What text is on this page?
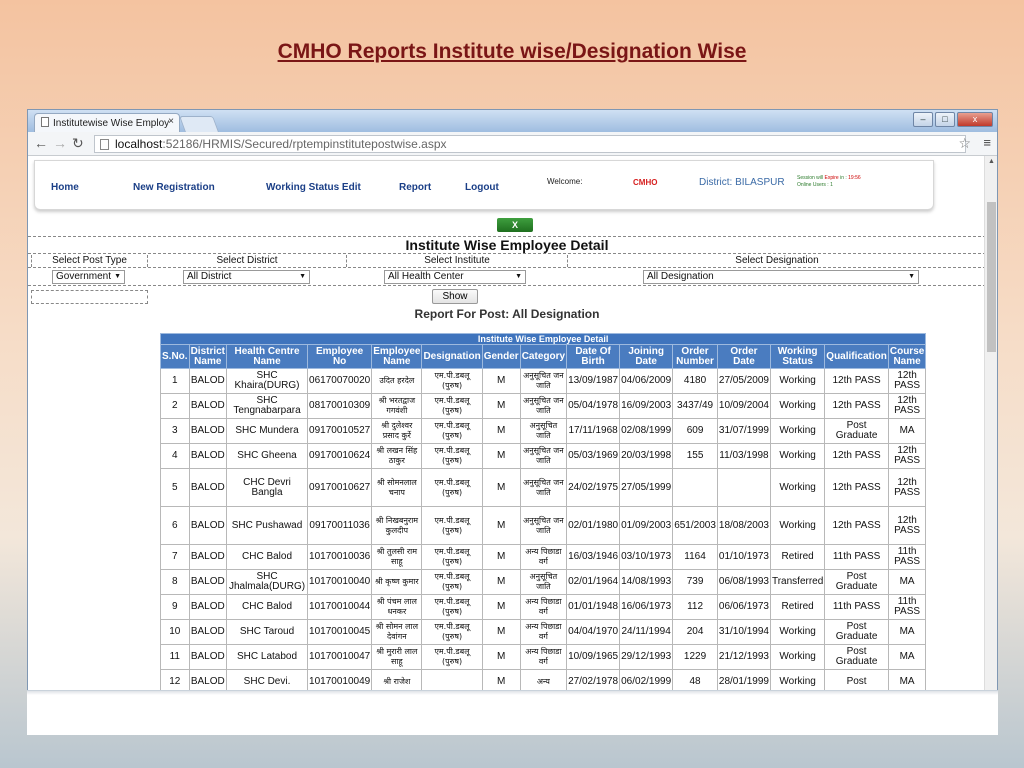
CMHO Reports Institute wise/Designation Wise
Institutewise Wise Employ ×	–	□	x
← → ↻	localhost:52186/HRMIS/Secured/rptempinstitutepostwise.aspx	☆ ≡
Home	New Registration	Working Status Edit	Report	Logout
Welcome:	CMHO	District: BILASPUR Session will Expire in : 19:56
Online Users : 1
X
Institute Wise Employee Detail
Select Post Type	Select District	Select Institute	Select Designation
Government ▼	All District	▼	All Health Center	▼	All Designation	▼
Show
Report For Post: All Designation
Institute Wise Employee Detail														
S.No.	District Name	Health Centre Name	Employee No	Employee Name	Designation	Gender	Category	Date Of Birth	Joining Date	Order Number	Order Date	Working Status	Qualification	Course Name
1	BALOD	SHC Khaira(DURG)	06170070020	उदित हरदेल	एम.पी.डबलू (पुरुष)	M	अनुसूचित जन जाति	13/09/1987	04/06/2009	4180	27/05/2009	Working	12th PASS	12th PASS
2	BALOD	SHC Tengnabarpara	08170010309	श्री भरतद्वाज गगवंशी	एम.पी.डबलू (पुरुष)	M	अनुसूचित जन जाति	05/04/1978	16/09/2003	3437/49	10/09/2004	Working	12th PASS	12th PASS
3	BALOD	SHC Mundera	09170010527	श्री दुलेश्वर प्रसाद कुर्रे	एम.पी.डबलू (पुरुष)	M	अनुसूचित जाति	17/11/1968	02/08/1999	609	31/07/1999	Working	Post Graduate	MA
4	BALOD	SHC Gheena	09170010624	श्री लखन सिंह ठाकुर	एम.पी.डबलू (पुरुष)	M	अनुसूचित जन जाति	05/03/1969	20/03/1998	155	11/03/1998	Working	12th PASS	12th PASS
5	BALOD	CHC Devri Bangla	09170010627	श्री सोमनलाल चनाप	एम.पी.डबलू (पुरुष)	M	अनुसूचित जन जाति	24/02/1975	27/05/1999			Working	12th PASS	12th PASS
6	BALOD	SHC Pushawad	09170011036	श्री निखबनुराम कुलदीप	एम.पी.डबलू (पुरुष)	M	अनुसूचित जन जाति	02/01/1980	01/09/2003	651/2003	18/08/2003	Working	12th PASS	12th PASS
7	BALOD	CHC Balod	10170010036	श्री तुलसी राम साहू	एम.पी.डबलू (पुरुष)	M	अन्य पिछाडा वर्ग	16/03/1946	03/10/1973	1164	01/10/1973	Retired	11th PASS	11th PASS
8	BALOD	SHC Jhalmala(DURG)	10170010040	श्री कृष्ण कुमार	एम.पी.डबलू (पुरुष)	M	अनुसूचित जाति	02/01/1964	14/08/1993	739	06/08/1993	Transferred	Post Graduate	MA
9	BALOD	CHC Balod	10170010044	श्री पंचम लाल धनकर	एम.पी.डबलू (पुरुष)	M	अन्य पिछाडा वर्ग	01/01/1948	16/06/1973	112	06/06/1973	Retired	11th PASS	11th PASS
10	BALOD	SHC Taroud	10170010045	श्री सोमन लाल देवांगन	एम.पी.डबलू (पुरुष)	M	अन्य पिछाडा वर्ग	04/04/1970	24/11/1994	204	31/10/1994	Working	Post Graduate	MA
11	BALOD	SHC Latabod	10170010047	श्री मुरारी लाल साहू	एम.पी.डबलू (पुरुष)	M	अन्य पिछाडा वर्ग	10/09/1965	29/12/1993	1229	21/12/1993	Working	Post Graduate	MA
12	BALOD	SHC Devi.	10170010049	श्री राजेश		M	अन्य	27/02/1978	06/02/1999	48	28/01/1999	Working	Post	MA
▲
